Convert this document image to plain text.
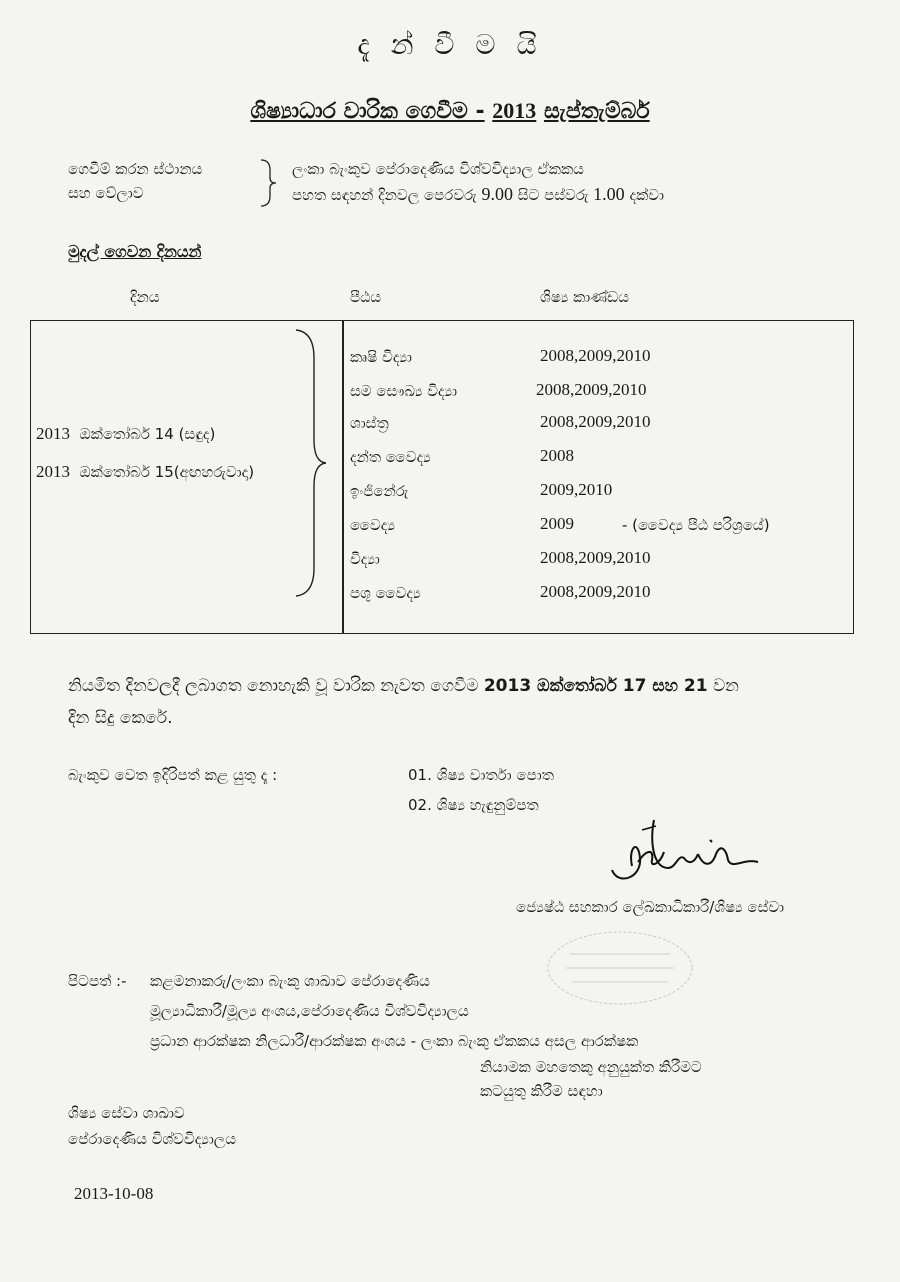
දැ න් වී ම යි
ශිෂ්‍යාධාර වාරික ගෙවීම - 2013 සැප්තැම්බර්
ගෙවීම් කරන ස්ථානය
සහ වේලාව
ලංකා බැංකුව පේරාදෙණිය විශ්වවිද්‍යාල ඒකකය
පහත සඳහන් දිනවල පෙරවරු 9.00 සිට පස්වරු 1.00 දක්වා
මුදල් ගෙවන දිනයන්
දිනය	පීඨය	ශිෂ්‍ය කාණ්ඩය
2013 ඔක්තෝබර් 14 (සඳුද)
2013 ඔක්තෝබර් 15(අඟහරුවාදා)
කෘෂි විද්‍යා	2008,2009,2010
සම සෞඛ්‍ය විද්‍යා	2008,2009,2010
ශාස්ත්‍ර	2008,2009,2010
දන්ත වෛද්‍ය	2008
ඉංජිනේරු	2009,2010
වෛද්‍ය	2009	- (වෛද්‍ය පීඨ පරිශ්‍රයේ)
විද්‍යා	2008,2009,2010
පශු වෛද්‍ය	2008,2009,2010
නියමිත දිනවලදී ලබාගත නොහැකි වූ වාරික නැවත ගෙවීම 2013 ඔක්තෝබර් 17 සහ 21 වන
දින සිදු කෙරේ.
බැංකුව වෙත ඉදිරිපත් කළ යුතු දෑ :	01. ශිෂ්‍ය වාර්තා පොත
02. ශිෂ්‍ය හැඳුනුම්පත
ජ්‍යෙෂ්ඨ සහකාර ලේඛකාධිකාරී/ශිෂ්‍ය සේවා
පිටපත් :- කළමනාකරු/ලංකා බැංකු ශාඛාව පේරාදෙණිය
මූල්‍යාධිකාරී/මූල්‍ය අංශය,පේරාදෙණිය විශ්වවිද්‍යාලය
ප්‍රධාන ආරක්ෂක නිලධාරී/ආරක්ෂක අංශය - ලංකා බැංකු ඒකකය අසල ආරක්ෂක
නියාමක මහතෙකු අනුයුක්ත කිරීමට
කටයුතු කිරීම සඳහා
ශිෂ්‍ය සේවා ශාඛාව
පේරාදෙණිය විශ්වවිද්‍යාලය
2013-10-08
